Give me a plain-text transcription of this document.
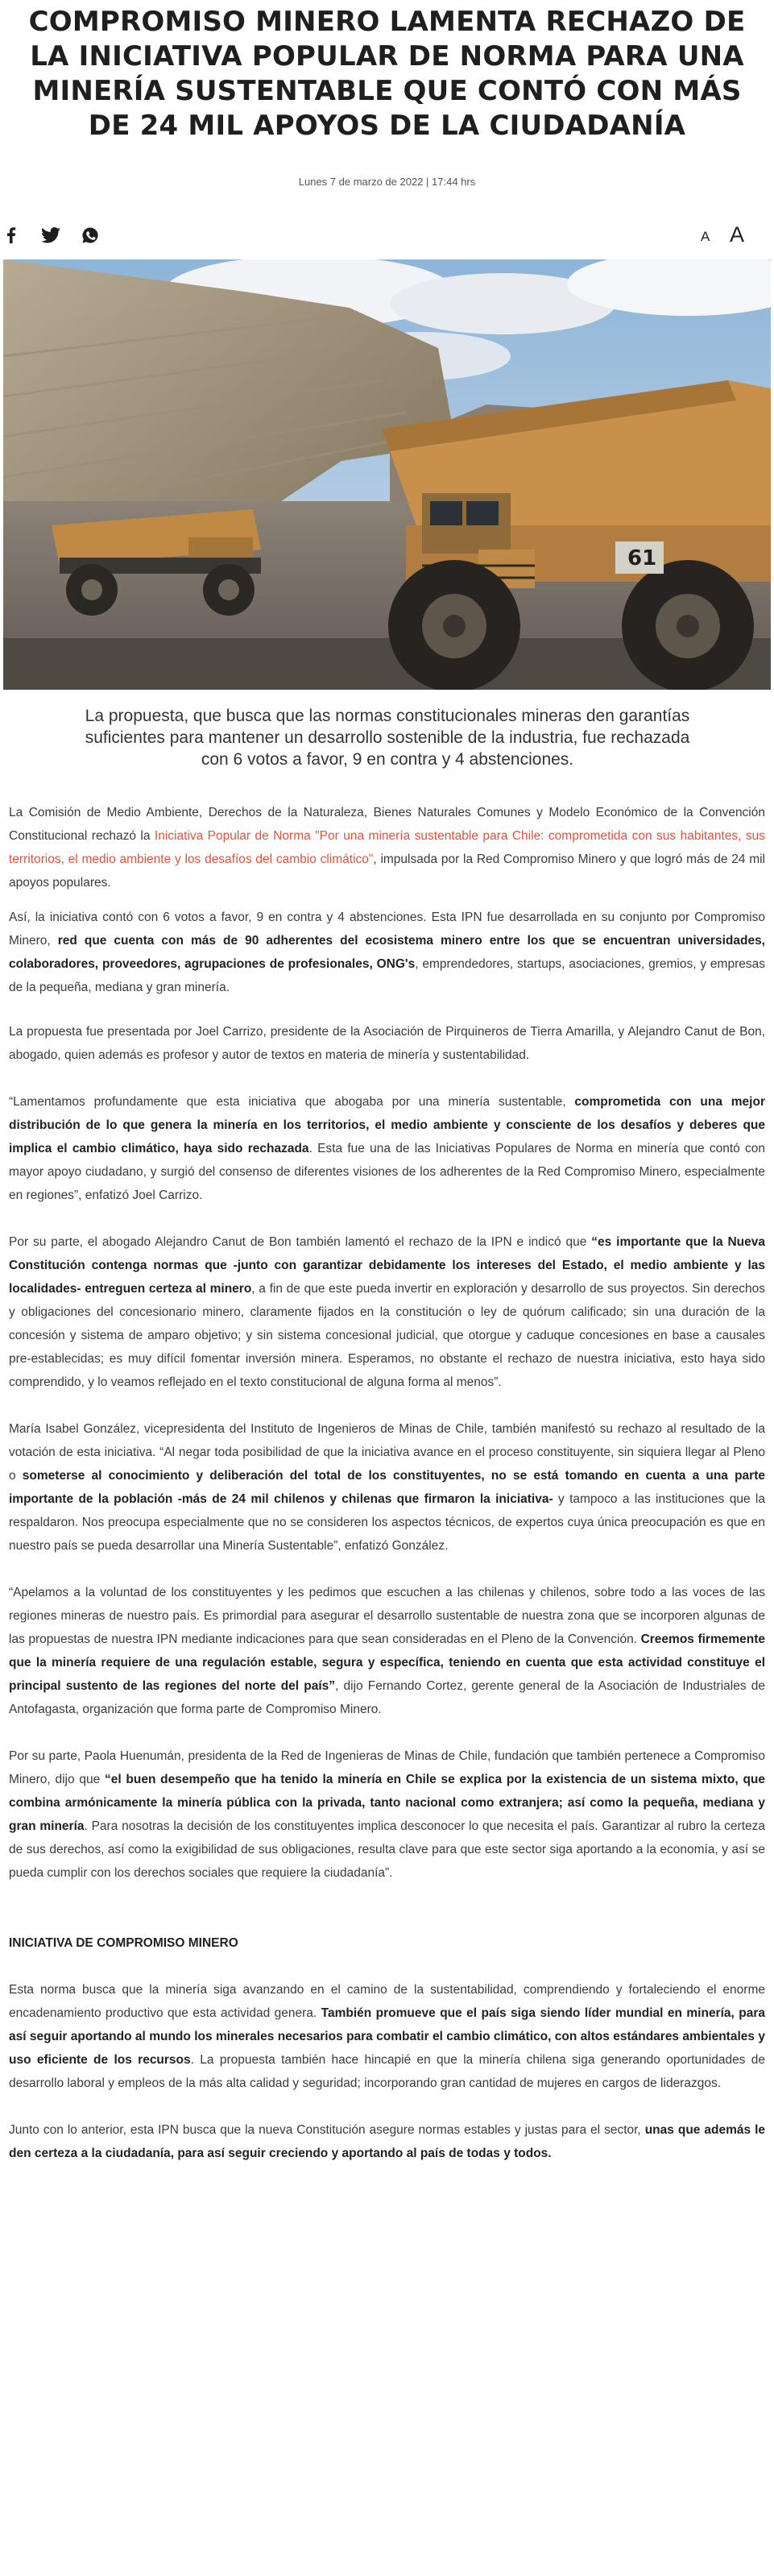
COMPROMISO MINERO LAMENTA RECHAZO DE LA INICIATIVA POPULAR DE NORMA PARA UNA MINERÍA SUSTENTABLE QUE CONTÓ CON MÁS DE 24 MIL APOYOS DE LA CIUDADANÍA
Lunes 7 de marzo de 2022 | 17:44 hrs
A A
61

La propuesta, que busca que las normas constitucionales mineras den garantías suficientes para mantener un desarrollo sostenible de la industria, fue rechazada con 6 votos a favor, 9 en contra y 4 abstenciones.

La Comisión de Medio Ambiente, Derechos de la Naturaleza, Bienes Naturales Comunes y Modelo Económico de la Convención Constitucional rechazó la Iniciativa Popular de Norma "Por una minería sustentable para Chile: comprometida con sus habitantes, sus territorios, el medio ambiente y los desafíos del cambio climático", impulsada por la Red Compromiso Minero y que logró más de 24 mil apoyos populares.

Así, la iniciativa contó con 6 votos a favor, 9 en contra y 4 abstenciones. Esta IPN fue desarrollada en su conjunto por Compromiso Minero, red que cuenta con más de 90 adherentes del ecosistema minero entre los que se encuentran universidades, colaboradores, proveedores, agrupaciones de profesionales, ONG's, emprendedores, startups, asociaciones, gremios, y empresas de la pequeña, mediana y gran minería.

La propuesta fue presentada por Joel Carrizo, presidente de la Asociación de Pirquineros de Tierra Amarilla, y Alejandro Canut de Bon, abogado, quien además es profesor y autor de textos en materia de minería y sustentabilidad.

“Lamentamos profundamente que esta iniciativa que abogaba por una minería sustentable, comprometida con una mejor distribución de lo que genera la minería en los territorios, el medio ambiente y consciente de los desafíos y deberes que implica el cambio climático, haya sido rechazada. Esta fue una de las Iniciativas Populares de Norma en minería que contó con mayor apoyo ciudadano, y surgió del consenso de diferentes visiones de los adherentes de la Red Compromiso Minero, especialmente en regiones”, enfatizó Joel Carrizo.

Por su parte, el abogado Alejandro Canut de Bon también lamentó el rechazo de la IPN e indicó que “es importante que la Nueva Constitución contenga normas que -junto con garantizar debidamente los intereses del Estado, el medio ambiente y las localidades- entreguen certeza al minero, a fin de que este pueda invertir en exploración y desarrollo de sus proyectos. Sin derechos y obligaciones del concesionario minero, claramente fijados en la constitución o ley de quórum calificado; sin una duración de la concesión y sistema de amparo objetivo; y sin sistema concesional judicial, que otorgue y caduque concesiones en base a causales pre-establecidas; es muy difícil fomentar inversión minera. Esperamos, no obstante el rechazo de nuestra iniciativa, esto haya sido comprendido, y lo veamos reflejado en el texto constitucional de alguna forma al menos”.

María Isabel González, vicepresidenta del Instituto de Ingenieros de Minas de Chile, también manifestó su rechazo al resultado de la votación de esta iniciativa. “Al negar toda posibilidad de que la iniciativa avance en el proceso constituyente, sin siquiera llegar al Pleno o someterse al conocimiento y deliberación del total de los constituyentes, no se está tomando en cuenta a una parte importante de la población -más de 24 mil chilenos y chilenas que firmaron la iniciativa- y tampoco a las instituciones que la respaldaron. Nos preocupa especialmente que no se consideren los aspectos técnicos, de expertos cuya única preocupación es que en nuestro país se pueda desarrollar una Minería Sustentable”, enfatizó González.

“Apelamos a la voluntad de los constituyentes y les pedimos que escuchen a las chilenas y chilenos, sobre todo a las voces de las regiones mineras de nuestro país. Es primordial para asegurar el desarrollo sustentable de nuestra zona que se incorporen algunas de las propuestas de nuestra IPN mediante indicaciones para que sean consideradas en el Pleno de la Convención. Creemos firmemente que la minería requiere de una regulación estable, segura y específica, teniendo en cuenta que esta actividad constituye el principal sustento de las regiones del norte del país”, dijo Fernando Cortez, gerente general de la Asociación de Industriales de Antofagasta, organización que forma parte de Compromiso Minero.

Por su parte, Paola Huenumán, presidenta de la Red de Ingenieras de Minas de Chile, fundación que también pertenece a Compromiso Minero, dijo que “el buen desempeño que ha tenido la minería en Chile se explica por la existencia de un sistema mixto, que combina armónicamente la minería pública con la privada, tanto nacional como extranjera; así como la pequeña, mediana y gran minería. Para nosotras la decisión de los constituyentes implica desconocer lo que necesita el país. Garantizar al rubro la certeza de sus derechos, así como la exigibilidad de sus obligaciones, resulta clave para que este sector siga aportando a la economía, y así se pueda cumplir con los derechos sociales que requiere la ciudadanía”.

INICIATIVA DE COMPROMISO MINERO

Esta norma busca que la minería siga avanzando en el camino de la sustentabilidad, comprendiendo y fortaleciendo el enorme encadenamiento productivo que esta actividad genera. También promueve que el país siga siendo líder mundial en minería, para así seguir aportando al mundo los minerales necesarios para combatir el cambio climático, con altos estándares ambientales y uso eficiente de los recursos. La propuesta también hace hincapié en que la minería chilena siga generando oportunidades de desarrollo laboral y empleos de la más alta calidad y seguridad; incorporando gran cantidad de mujeres en cargos de liderazgos.

Junto con lo anterior, esta IPN busca que la nueva Constitución asegure normas estables y justas para el sector, unas que además le den certeza a la ciudadanía, para así seguir creciendo y aportando al país de todas y todos.
